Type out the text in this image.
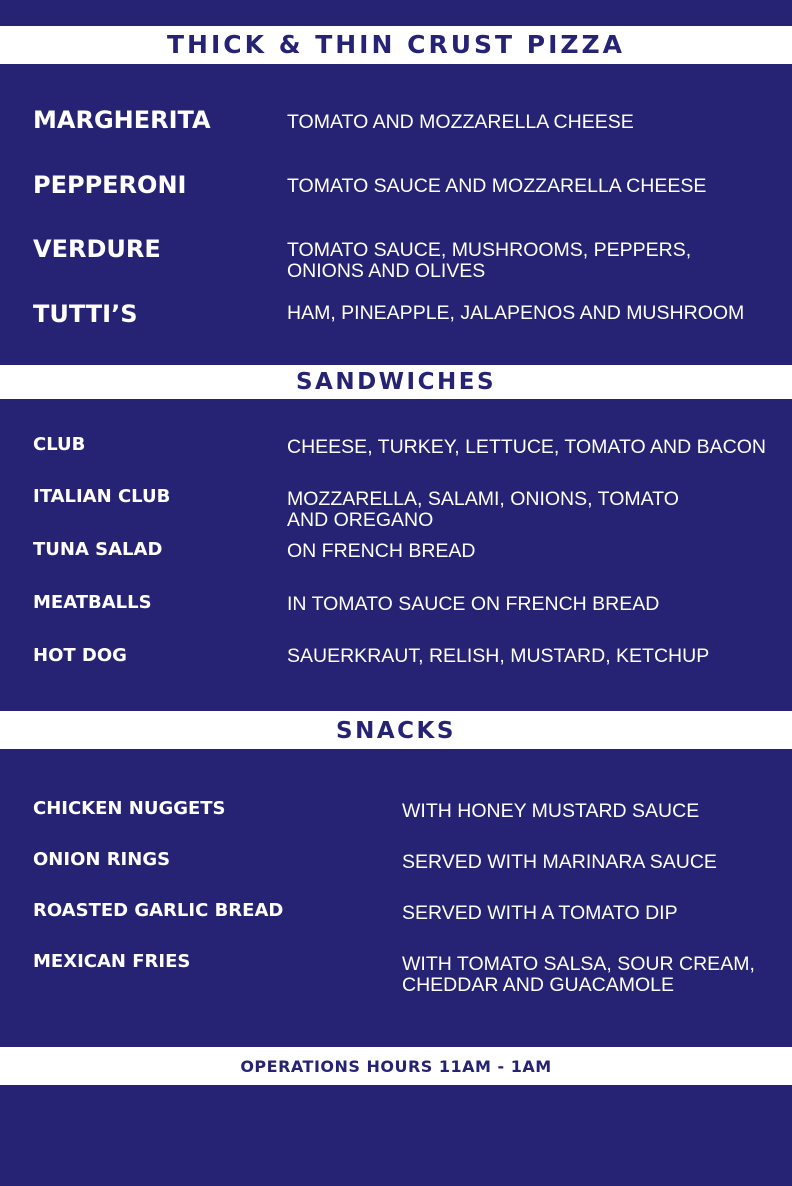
THICK & THIN CRUST PIZZA
MARGHERITA	TOMATO AND MOZZARELLA CHEESE
PEPPERONI	TOMATO SAUCE AND MOZZARELLA CHEESE
VERDURE	TOMATO SAUCE, MUSHROOMS, PEPPERS,
ONIONS AND OLIVES
TUTTI’S	HAM, PINEAPPLE, JALAPENOS AND MUSHROOM
SANDWICHES
CLUB	CHEESE, TURKEY, LETTUCE, TOMATO AND BACON
ITALIAN CLUB	MOZZARELLA, SALAMI, ONIONS, TOMATO
AND OREGANO
TUNA SALAD	ON FRENCH BREAD
MEATBALLS	IN TOMATO SAUCE ON FRENCH BREAD
HOT DOG	SAUERKRAUT, RELISH, MUSTARD, KETCHUP
SNACKS
CHICKEN NUGGETS	WITH HONEY MUSTARD SAUCE
ONION RINGS	SERVED WITH MARINARA SAUCE
ROASTED GARLIC BREAD	SERVED WITH A TOMATO DIP
MEXICAN FRIES	WITH TOMATO SALSA, SOUR CREAM,
CHEDDAR AND GUACAMOLE
OPERATIONS HOURS 11AM - 1AM
